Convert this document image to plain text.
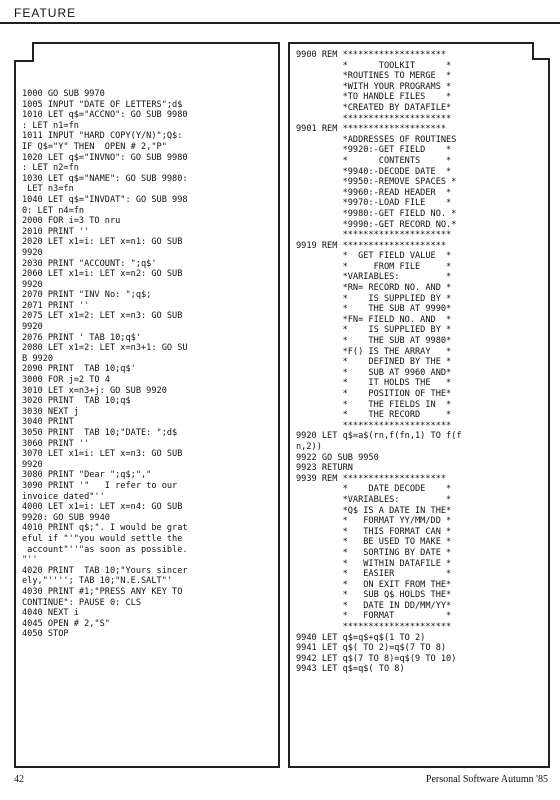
FEATURE
1000 GO SUB 9970
1005 INPUT "DATE OF LETTERS";d$
1010 LET q$="ACCNO": GO SUB 9980
: LET n1=fn
1011 INPUT "HARD COPY(Y/N)";Q$:
IF Q$="Y" THEN  OPEN # 2,"P"
1020 LET q$="INVNO": GO SUB 9980
: LET n2=fn
1030 LET q$="NAME": GO SUB 9980:
LET n3=fn
1040 LET q$="INVDAT": GO SUB 998
0: LET n4=fn
2000 FOR i=3 TO nru
2010 PRINT ''
2020 LET x1=i: LET x=n1: GO SUB
9920
2030 PRINT "ACCOUNT: ";q$'
2060 LET x1=i: LET x=n2: GO SUB
9920
2070 PRINT "INV No: ";q$;
2071 PRINT ''
2075 LET x1=2: LET x=n3: GO SUB
9920
2076 PRINT ' TAB 10;q$'
2080 LET x1=2: LET x=n3+1: GO SU
B 9920
2090 PRINT  TAB 10;q$'
3000 FOR j=2 TO 4
3010 LET x=n3+j: GO SUB 9920
3020 PRINT  TAB 10;q$
3030 NEXT j
3040 PRINT
3050 PRINT  TAB 10;"DATE: ";d$
3060 PRINT ''
3070 LET x1=i: LET x=n3: GO SUB
9920
3080 PRINT "Dear ";q$;","
3090 PRINT '"   I refer to our
invoice dated"''
4000 LET x1=i: LET x=n4: GO SUB
9920: GO SUB 9940
4010 PRINT q$;". I would be grat
eful if "'"you would settle the
account"''"as soon as possible.
"''
4020 PRINT  TAB 10;"Yours sincer
ely,"''''; TAB 10;"N.E.SALT"'
4030 PRINT #1;"PRESS ANY KEY TO
CONTINUE": PAUSE 0: CLS
4040 NEXT i
4045 OPEN # 2,"S"
4050 STOP
9900 REM ********************
*      TOOLKIT      *
*ROUTINES TO MERGE  *
*WITH YOUR PROGRAMS *
*TO HANDLE FILES    *
*CREATED BY DATAFILE*
*********************
9901 REM ********************
*ADDRESSES OF ROUTINES
*9920:-GET FIELD    *
*      CONTENTS     *
*9940:-DECODE DATE  *
*9950:-REMOVE SPACES *
*9960:-READ HEADER  *
*9970:-LOAD FILE    *
*9980:-GET FIELD NO. *
*9990:-GET RECORD NO.*
*********************
9919 REM ********************
*  GET FIELD VALUE  *
*     FROM FILE     *
*VARIABLES:         *
*RN= RECORD NO. AND *
*    IS SUPPLIED BY *
*    THE SUB AT 9990*
*FN= FIELD NO. AND  *
*    IS SUPPLIED BY *
*    THE SUB AT 9980*
*F() IS THE ARRAY   *
*    DEFINED BY THE *
*    SUB AT 9960 AND*
*    IT HOLDS THE   *
*    POSITION OF THE*
*    THE FIELDS IN  *
*    THE RECORD     *
*********************
9920 LET q$=a$(rn,f(fn,1) TO f(f
n,2))
9922 GO SUB 9950
9923 RETURN
9939 REM ********************
*    DATE DECODE    *
*VARIABLES:         *
*Q$ IS A DATE IN THE*
*   FORMAT YY/MM/DD *
*   THIS FORMAT CAN *
*   BE USED TO MAKE *
*   SORTING BY DATE *
*   WITHIN DATAFILE *
*   EASIER          *
*   ON EXIT FROM THE*
*   SUB Q$ HOLDS THE*
*   DATE IN DD/MM/YY*
*   FORMAT          *
*********************
9940 LET q$=q$+q$(1 TO 2)
9941 LET q$( TO 2)=q$(7 TO 8)
9942 LET q$(7 TO 8)=q$(9 TO 10)
9943 LET q$=q$( TO 8)
42	Personal Software Autumn '85
